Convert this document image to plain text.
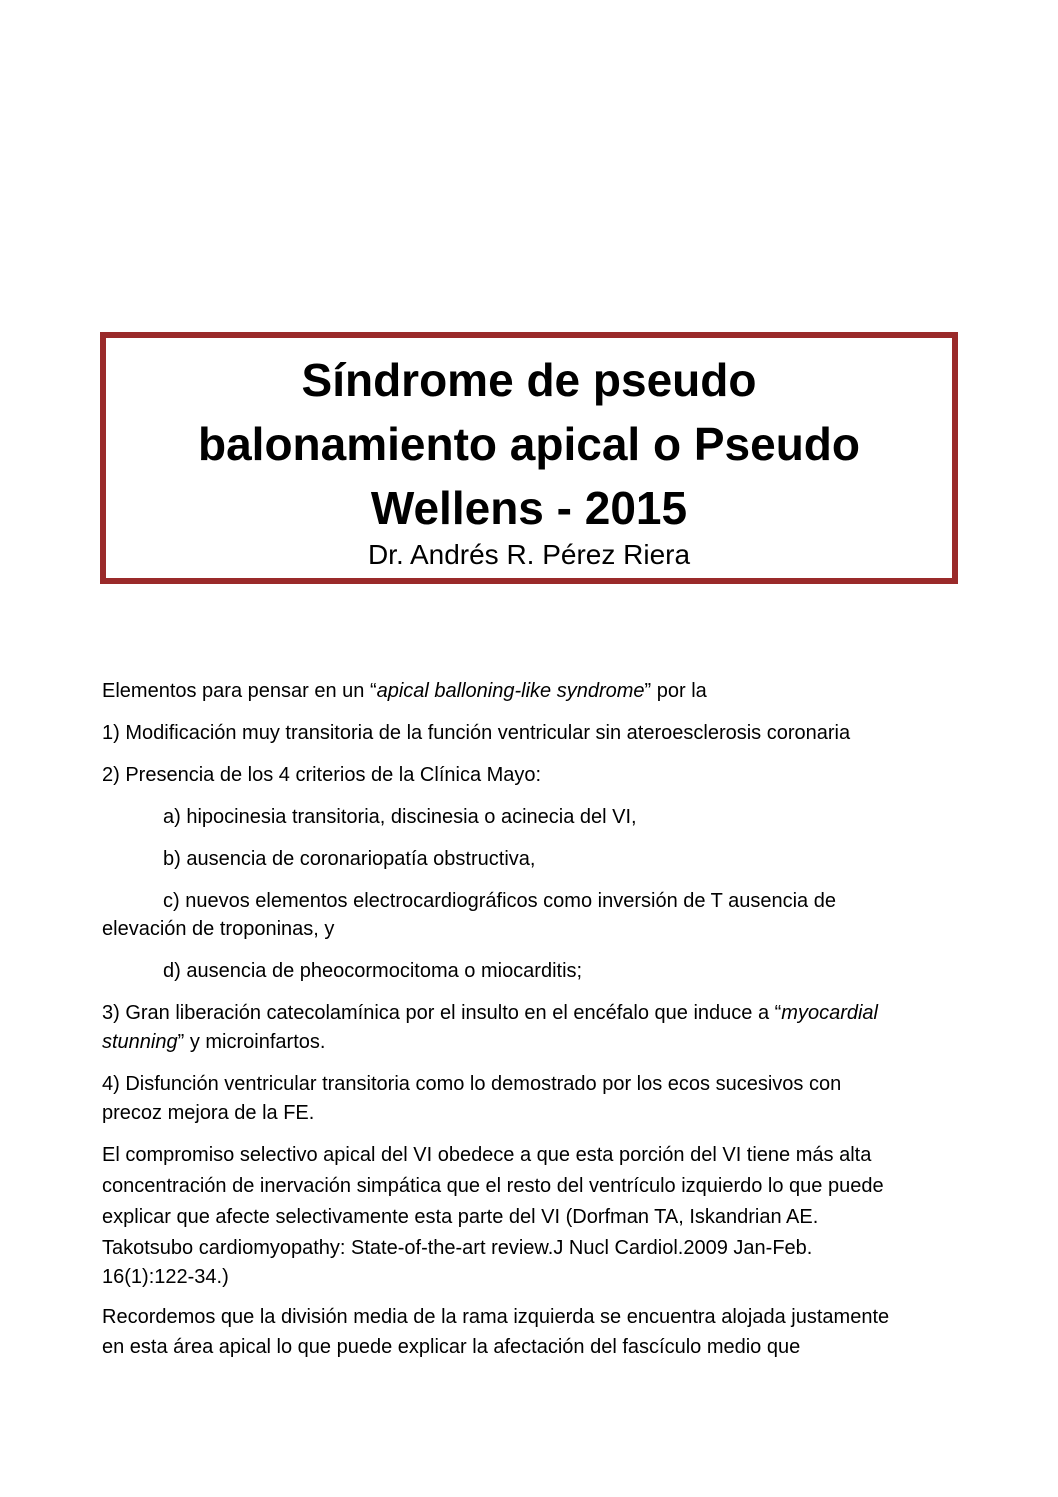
Síndrome de pseudo
balonamiento apical o Pseudo
Wellens - 2015
Dr. Andrés R. Pérez Riera
Elementos para pensar en un “apical balloning-like syndrome” por la
1) Modificación muy transitoria de la función ventricular sin ateroesclerosis coronaria
2) Presencia de los 4 criterios de la Clínica Mayo:
a) hipocinesia transitoria, discinesia o acinecia del VI,
b) ausencia de coronariopatía obstructiva,
c) nuevos elementos electrocardiográficos como inversión de T ausencia de
elevación de troponinas, y
d) ausencia de pheocormocitoma o miocarditis;
3) Gran liberación catecolamínica por el insulto en el encéfalo que induce a “myocardial
stunning” y microinfartos.
4) Disfunción ventricular transitoria como lo demostrado por los ecos sucesivos con
precoz mejora de la FE.
El compromiso selectivo apical del VI obedece a que esta porción del VI tiene más alta
concentración de inervación simpática que el resto del ventrículo izquierdo lo que puede
explicar que afecte selectivamente esta parte del VI (Dorfman TA, Iskandrian AE.
Takotsubo cardiomyopathy: State-of-the-art review.J Nucl Cardiol.2009 Jan-Feb.
16(1):122-34.)
Recordemos que la división media de la rama izquierda se encuentra alojada justamente
en esta área apical lo que puede explicar la afectación del fascículo medio que
